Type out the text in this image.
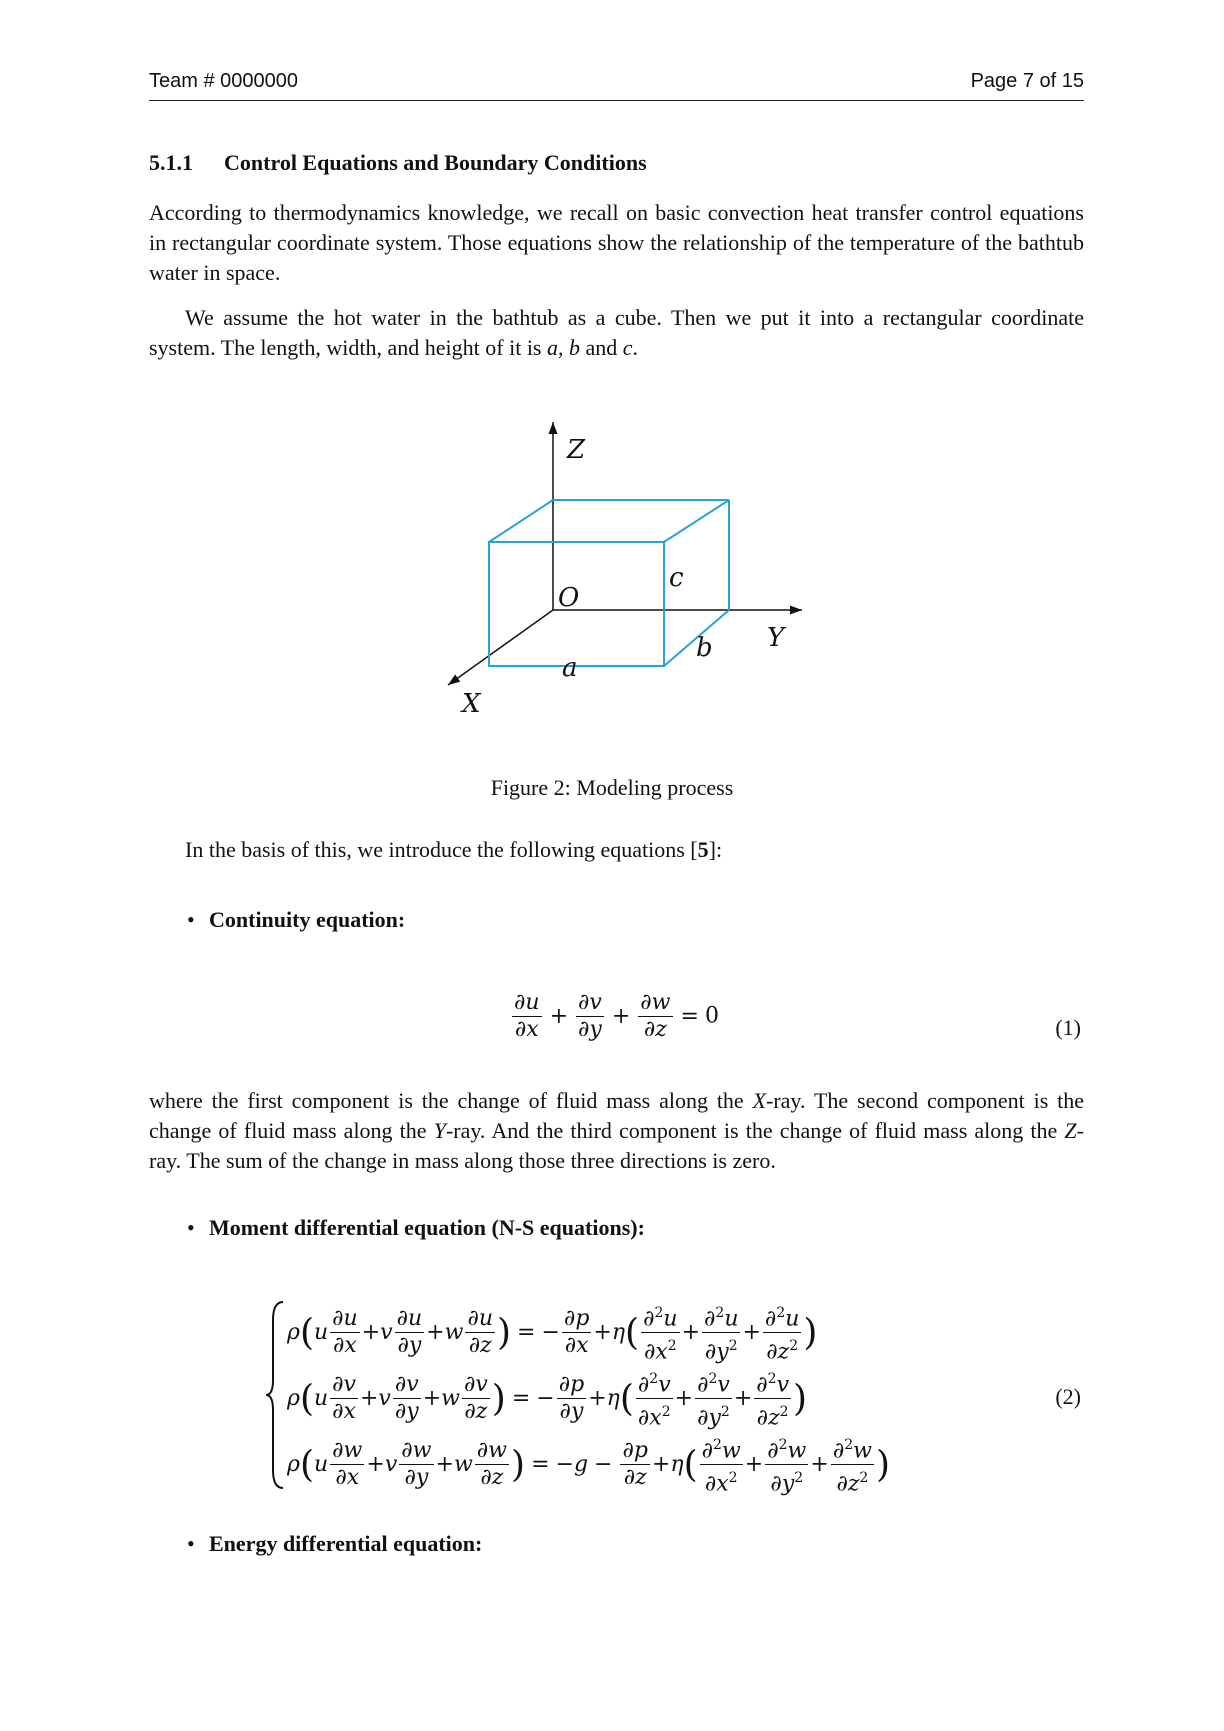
Team # 0000000	Page 7 of 15
5.1.1 Control Equations and Boundary Conditions
According to thermodynamics knowledge, we recall on basic convection heat transfer control equations in rectangular coordinate system. Those equations show the relationship of the temperature of the bathtub water in space.
We assume the hot water in the bathtub as a cube. Then we put it into a rectangular coordinate system. The length, width, and height of it is a, b and c.
Z
O
c
Y
b
a
X
Figure 2: Modeling process
In the basis of this, we introduce the following equations [5]:
• Continuity equation:
$\frac{\partial u}{\partial x} + \frac{\partial v}{\partial y} + \frac{\partial w}{\partial z} = 0$	(1)
where the first component is the change of fluid mass along the X-ray. The second component is the change of fluid mass along the Y-ray. And the third component is the change of fluid mass along the Z-ray. The sum of the change in mass along those three directions is zero.
• Moment differential equation (N-S equations):
$\rho(u \frac{\partial u}{\partial x} +v \frac{\partial u}{\partial y} +w \frac{\partial u}{\partial z}$ ) = − $\frac{\partial p}{\partial x} +\eta( \frac{\partial^2u}{\partial x^2} + \frac{\partial^2u}{\partial y^2} + \frac{\partial^2u}{\partial z^2}$ )
$\rho(u \frac{\partial v}{\partial x} +v \frac{\partial v}{\partial y} +w \frac{\partial v}{\partial z}$ ) = − $\frac{\partial p}{\partial y} +\eta( \frac{\partial^2v}{\partial x^2} + \frac{\partial^2v}{\partial y^2} + \frac{\partial^2v}{\partial z^2}$ )
$\rho(u \frac{\partial w}{\partial x} +v \frac{\partial w}{\partial y} +w \frac{\partial w}{\partial z}$ ) = $-g - \frac{\partial p}{\partial z} +\eta( \frac{\partial^2w}{\partial x^2} + \frac{\partial^2w}{\partial y^2} + \frac{\partial^2w}{\partial z^2}$ )
(2)
• Energy differential equation:
